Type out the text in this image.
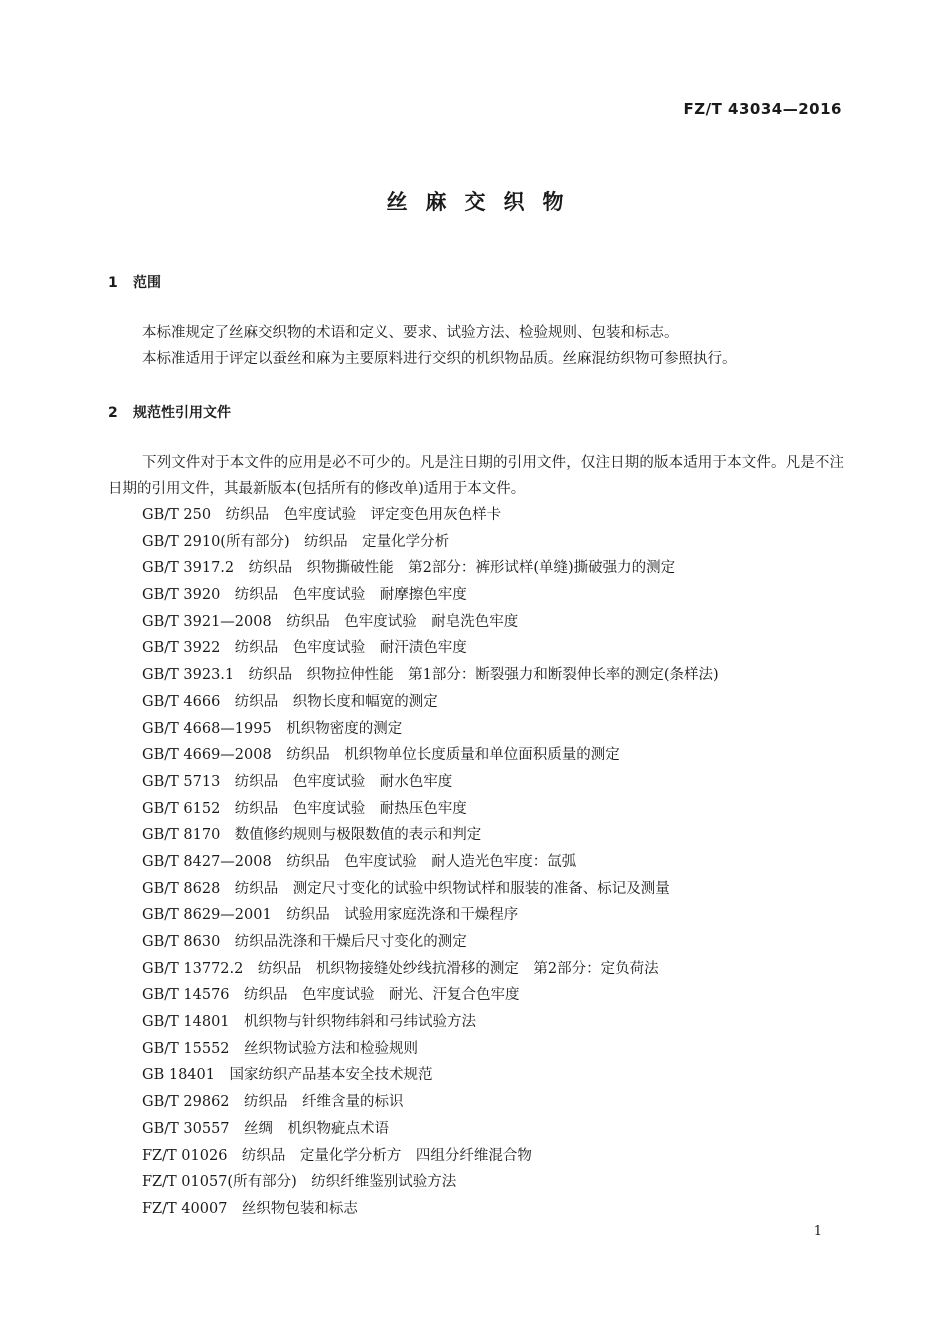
FZ/T 43034—2016
丝麻交织物
1 范围

本标准规定了丝麻交织物的术语和定义、要求、试验方法、检验规则、包装和标志。

本标准适用于评定以蚕丝和麻为主要原料进行交织的机织物品质。丝麻混纺织物可参照执行。

2 规范性引用文件

下列文件对于本文件的应用是必不可少的。凡是注日期的引用文件，仅注日期的版本适用于本文件。凡是不注日期的引用文件，其最新版本(包括所有的修改单)适用于本文件。

GB/T 250　纺织品　色牢度试验　评定变色用灰色样卡
GB/T 2910(所有部分)　纺织品　定量化学分析
GB/T 3917.2　纺织品　织物撕破性能　第2部分：裤形试样(单缝)撕破强力的测定
GB/T 3920　纺织品　色牢度试验　耐摩擦色牢度
GB/T 3921—2008　纺织品　色牢度试验　耐皂洗色牢度
GB/T 3922　纺织品　色牢度试验　耐汗渍色牢度
GB/T 3923.1　纺织品　织物拉伸性能　第1部分：断裂强力和断裂伸长率的测定(条样法)
GB/T 4666　纺织品　织物长度和幅宽的测定
GB/T 4668—1995　机织物密度的测定
GB/T 4669—2008　纺织品　机织物单位长度质量和单位面积质量的测定
GB/T 5713　纺织品　色牢度试验　耐水色牢度
GB/T 6152　纺织品　色牢度试验　耐热压色牢度
GB/T 8170　数值修约规则与极限数值的表示和判定
GB/T 8427—2008　纺织品　色牢度试验　耐人造光色牢度：氙弧
GB/T 8628　纺织品　测定尺寸变化的试验中织物试样和服装的准备、标记及测量
GB/T 8629—2001　纺织品　试验用家庭洗涤和干燥程序
GB/T 8630　纺织品洗涤和干燥后尺寸变化的测定
GB/T 13772.2　纺织品　机织物接缝处纱线抗滑移的测定　第2部分：定负荷法
GB/T 14576　纺织品　色牢度试验　耐光、汗复合色牢度
GB/T 14801　机织物与针织物纬斜和弓纬试验方法
GB/T 15552　丝织物试验方法和检验规则
GB 18401　国家纺织产品基本安全技术规范
GB/T 29862　纺织品　纤维含量的标识
GB/T 30557　丝绸　机织物疵点术语
FZ/T 01026　纺织品　定量化学分析方　四组分纤维混合物
FZ/T 01057(所有部分)　纺织纤维鉴别试验方法
FZ/T 40007　丝织物包装和标志
1
